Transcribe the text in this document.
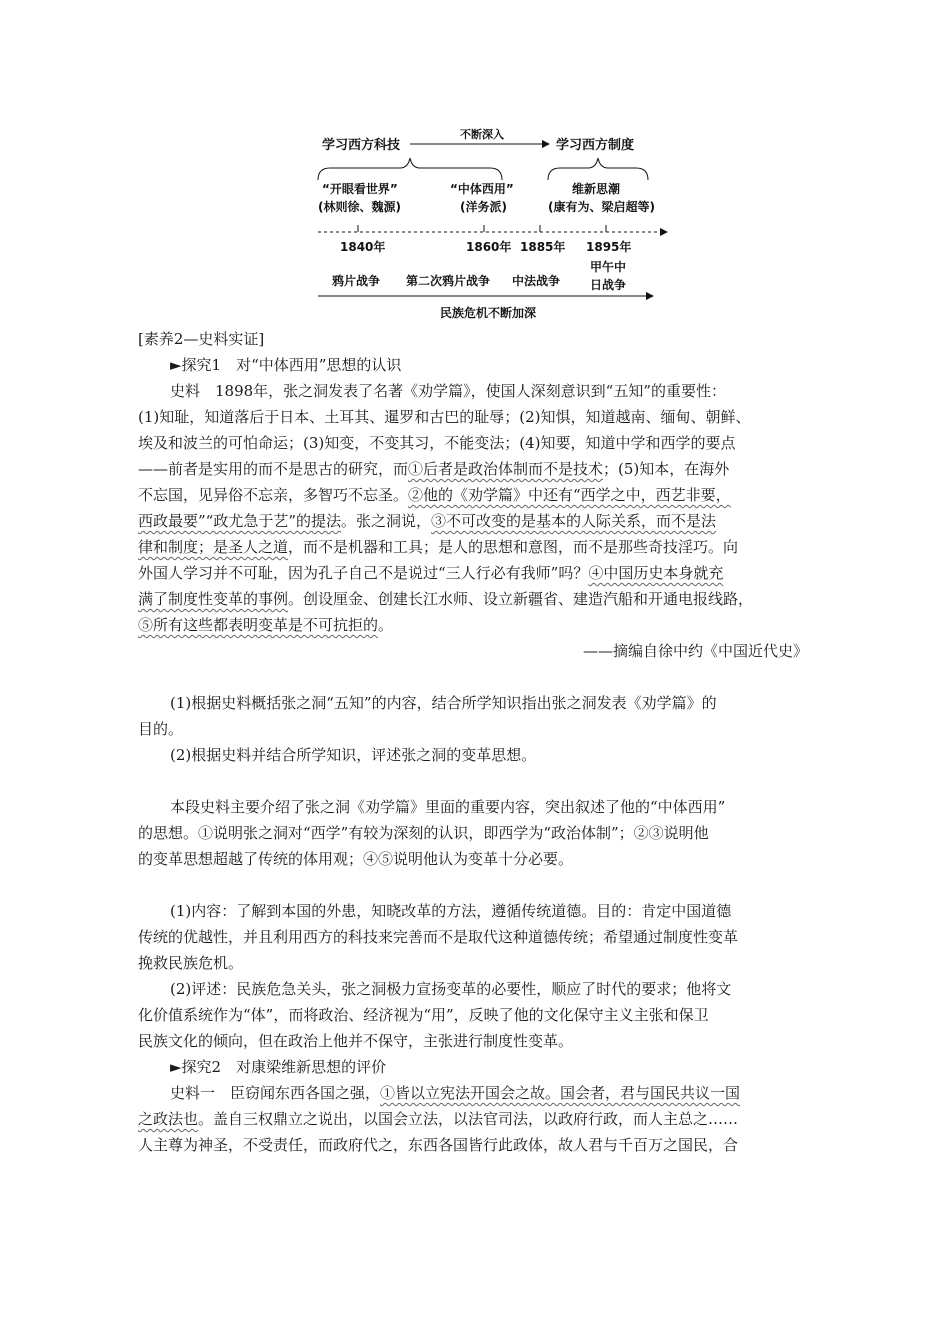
学习西方科技
不断深入
学习西方制度
“开眼看世界”
(林则徐、魏源)
“中体西用”
(洋务派)
维新思潮
(康有为、梁启超等)
1840年	1860年 1885年 1895年
鸦片战争 第二次鸦片战争 中法战争
甲午中
日战争
民族危机不断加深

[素养2—史料实证]

►探究1　对“中体西用”思想的认识

史料　1898年，张之洞发表了名著《劝学篇》，使国人深刻意识到“五知”的重要性：

(1)知耻，知道落后于日本、土耳其、暹罗和古巴的耻辱；(2)知惧，知道越南、缅甸、朝鲜、

埃及和波兰的可怕命运；(3)知变，不变其习，不能变法；(4)知要，知道中学和西学的要点

——前者是实用的而不是思古的研究，而①后者是政治体制而不是技术；(5)知本，在海外

不忘国，见异俗不忘亲，多智巧不忘圣。②他的《劝学篇》中还有“西学之中，西艺非要，

西政最要”“政尤急于艺”的提法。张之洞说，③不可改变的是基本的人际关系，而不是法

律和制度；是圣人之道，而不是机器和工具；是人的思想和意图，而不是那些奇技淫巧。向

外国人学习并不可耻，因为孔子自己不是说过“三人行必有我师”吗？④中国历史本身就充

满了制度性变革的事例。创设厘金、创建长江水师、设立新疆省、建造汽船和开通电报线路，

⑤所有这些都表明变革是不可抗拒的。

——摘编自徐中约《中国近代史》

(1)根据史料概括张之洞“五知”的内容，结合所学知识指出张之洞发表《劝学篇》的

目的。

(2)根据史料并结合所学知识，评述张之洞的变革思想。

本段史料主要介绍了张之洞《劝学篇》里面的重要内容，突出叙述了他的“中体西用”

的思想。①说明张之洞对“西学”有较为深刻的认识，即西学为“政治体制”；②③说明他

的变革思想超越了传统的体用观；④⑤说明他认为变革十分必要。

(1)内容：了解到本国的外患，知晓改革的方法，遵循传统道德。目的：肯定中国道德

传统的优越性，并且利用西方的科技来完善而不是取代这种道德传统；希望通过制度性变革

挽救民族危机。

(2)评述：民族危急关头，张之洞极力宣扬变革的必要性，顺应了时代的要求；他将文

化价值系统作为“体”，而将政治、经济视为“用”，反映了他的文化保守主义主张和保卫

民族文化的倾向，但在政治上他并不保守，主张进行制度性变革。

►探究2　对康梁维新思想的评价

史料一　臣窃闻东西各国之强，①皆以立宪法开国会之故。国会者，君与国民共议一国

之政法也。盖自三权鼎立之说出，以国会立法，以法官司法，以政府行政，而人主总之……

人主尊为神圣，不受责任，而政府代之，东西各国皆行此政体，故人君与千百万之国民，合
